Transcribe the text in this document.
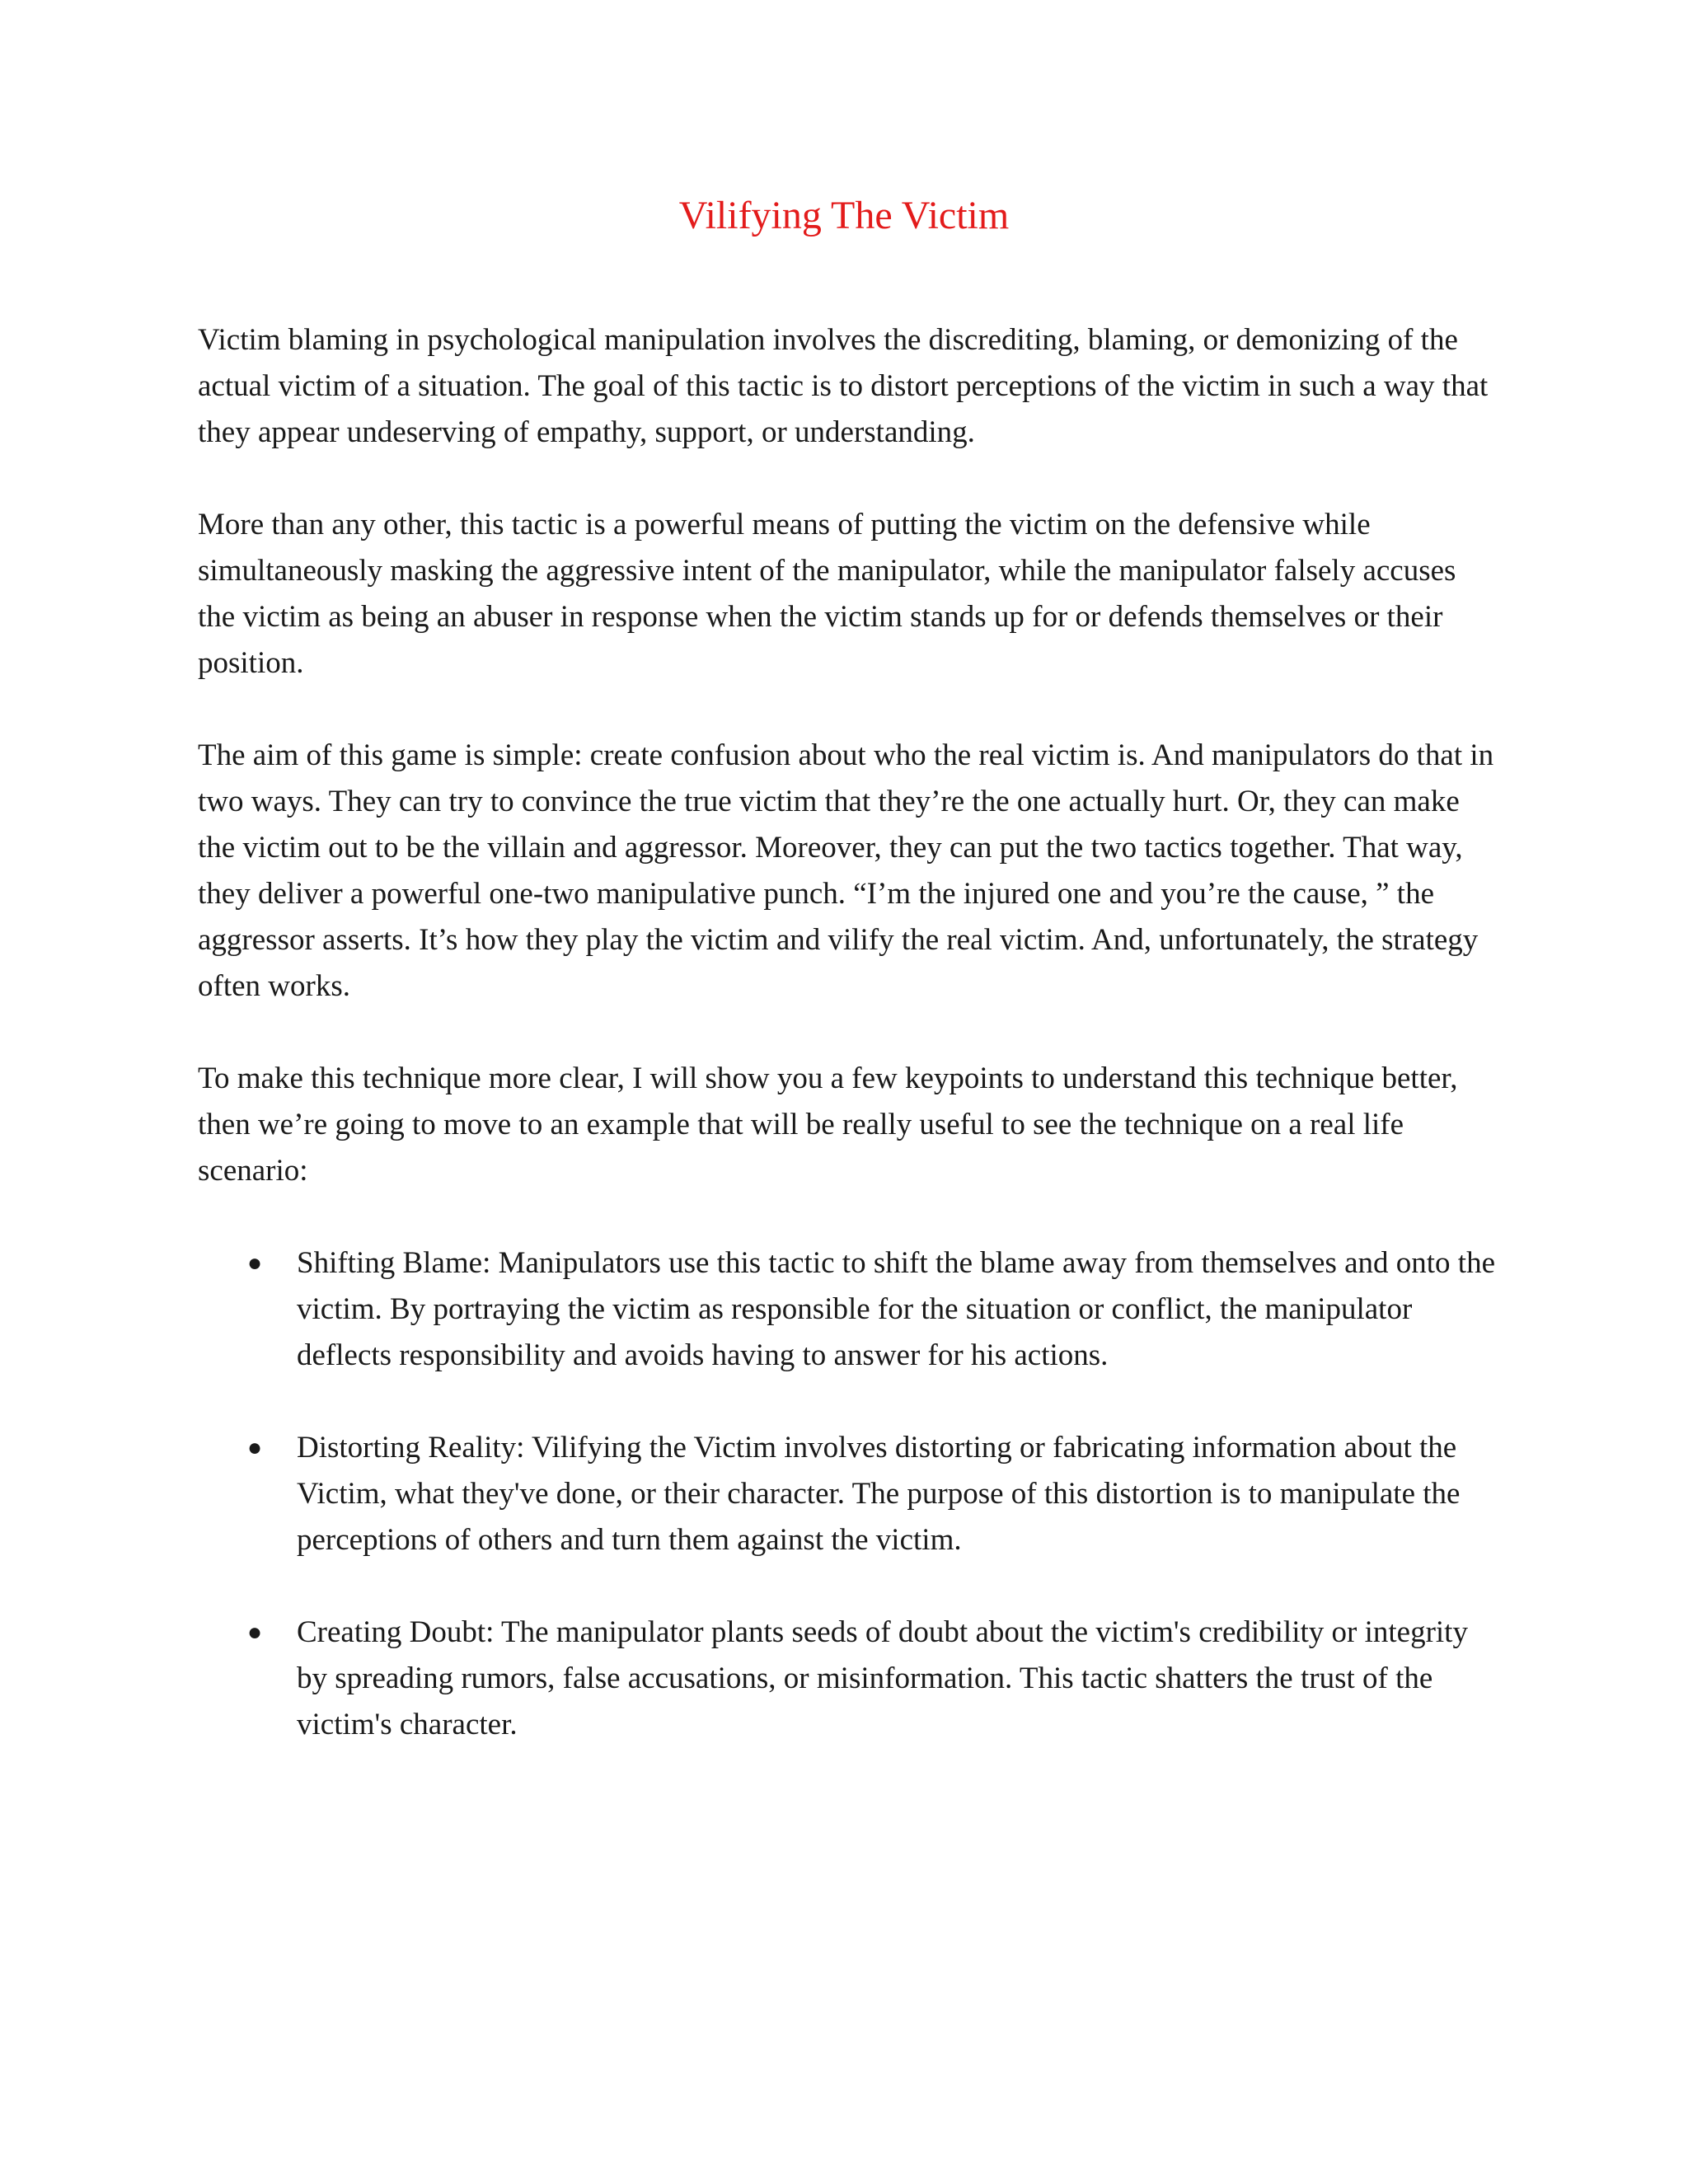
Vilifying The Victim

Victim blaming in psychological manipulation involves the discrediting, blaming, or demonizing of the actual victim of a situation. The goal of this tactic is to distort perceptions of the victim in such a way that they appear undeserving of empathy, support, or understanding.

More than any other, this tactic is a powerful means of putting the victim on the defensive while simultaneously masking the aggressive intent of the manipulator, while the manipulator falsely accuses the victim as being an abuser in response when the victim stands up for or defends themselves or their position.

The aim of this game is simple: create confusion about who the real victim is. And manipulators do that in two ways. They can try to convince the true victim that they’re the one actually hurt. Or, they can make the victim out to be the villain and aggressor. Moreover, they can put the two tactics together. That way, they deliver a powerful one-two manipulative punch. “I’m the injured one and you’re the cause, ” the aggressor asserts. It’s how they play the victim and vilify the real victim. And, unfortunately, the strategy often works.

To make this technique more clear, I will show you a few keypoints to understand this technique better, then we’re going to move to an example that will be really useful to see the technique on a real life scenario:

● Shifting Blame: Manipulators use this tactic to shift the blame away from themselves and onto the victim. By portraying the victim as responsible for the situation or conflict, the manipulator deflects responsibility and avoids having to answer for his actions.
● Distorting Reality: Vilifying the Victim involves distorting or fabricating information about the Victim, what they've done, or their character. The purpose of this distortion is to manipulate the perceptions of others and turn them against the victim.
● Creating Doubt: The manipulator plants seeds of doubt about the victim's credibility or integrity by spreading rumors, false accusations, or misinformation. This tactic shatters the trust of the victim's character.
